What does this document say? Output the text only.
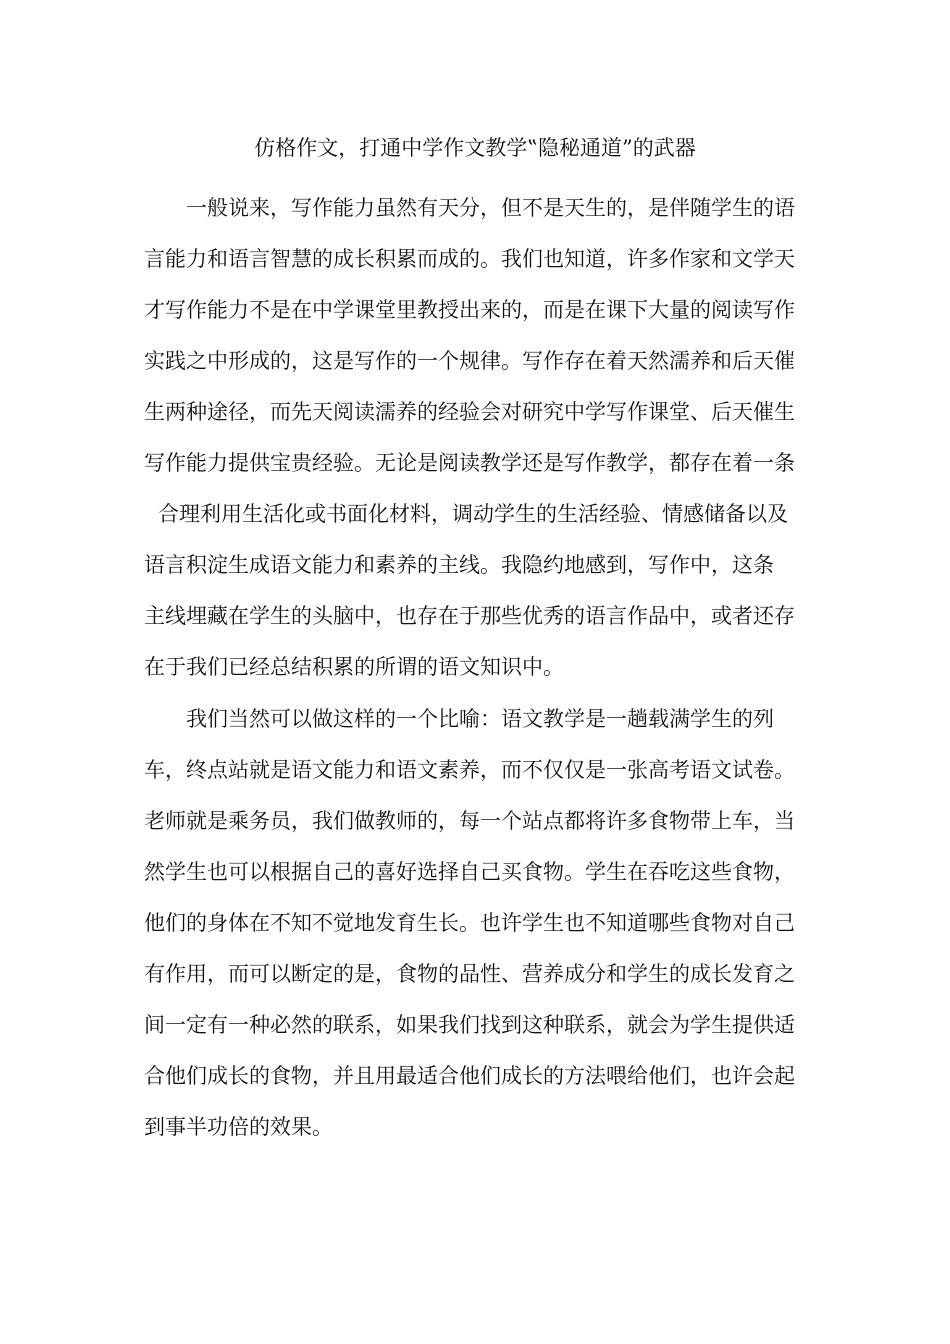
仿格作文，打通中学作文教学‟隐秘通道”的武器
一般说来，写作能力虽然有天分，但不是天生的，是伴随学生的语
言能力和语言智慧的成长积累而成的。我们也知道，许多作家和文学天
才写作能力不是在中学课堂里教授出来的，而是在课下大量的阅读写作
实践之中形成的，这是写作的一个规律。写作存在着天然濡养和后天催
生两种途径，而先天阅读濡养的经验会对研究中学写作课堂、后天催生
写作能力提供宝贵经验。无论是阅读教学还是写作教学，都存在着一条
合理利用生活化或书面化材料，调动学生的生活经验、情感储备以及
语言积淀生成语文能力和素养的主线。我隐约地感到，写作中，这条
主线埋藏在学生的头脑中，也存在于那些优秀的语言作品中，或者还存
在于我们已经总结积累的所谓的语文知识中。
我们当然可以做这样的一个比喻：语文教学是一趟载满学生的列
车，终点站就是语文能力和语文素养，而不仅仅是一张高考语文试卷。
老师就是乘务员，我们做教师的，每一个站点都将许多食物带上车，当
然学生也可以根据自己的喜好选择自己买食物。学生在吞吃这些食物，
他们的身体在不知不觉地发育生长。也许学生也不知道哪些食物对自己
有作用，而可以断定的是，食物的品性、营养成分和学生的成长发育之
间一定有一种必然的联系，如果我们找到这种联系，就会为学生提供适
合他们成长的食物，并且用最适合他们成长的方法喂给他们，也许会起
到事半功倍的效果。
